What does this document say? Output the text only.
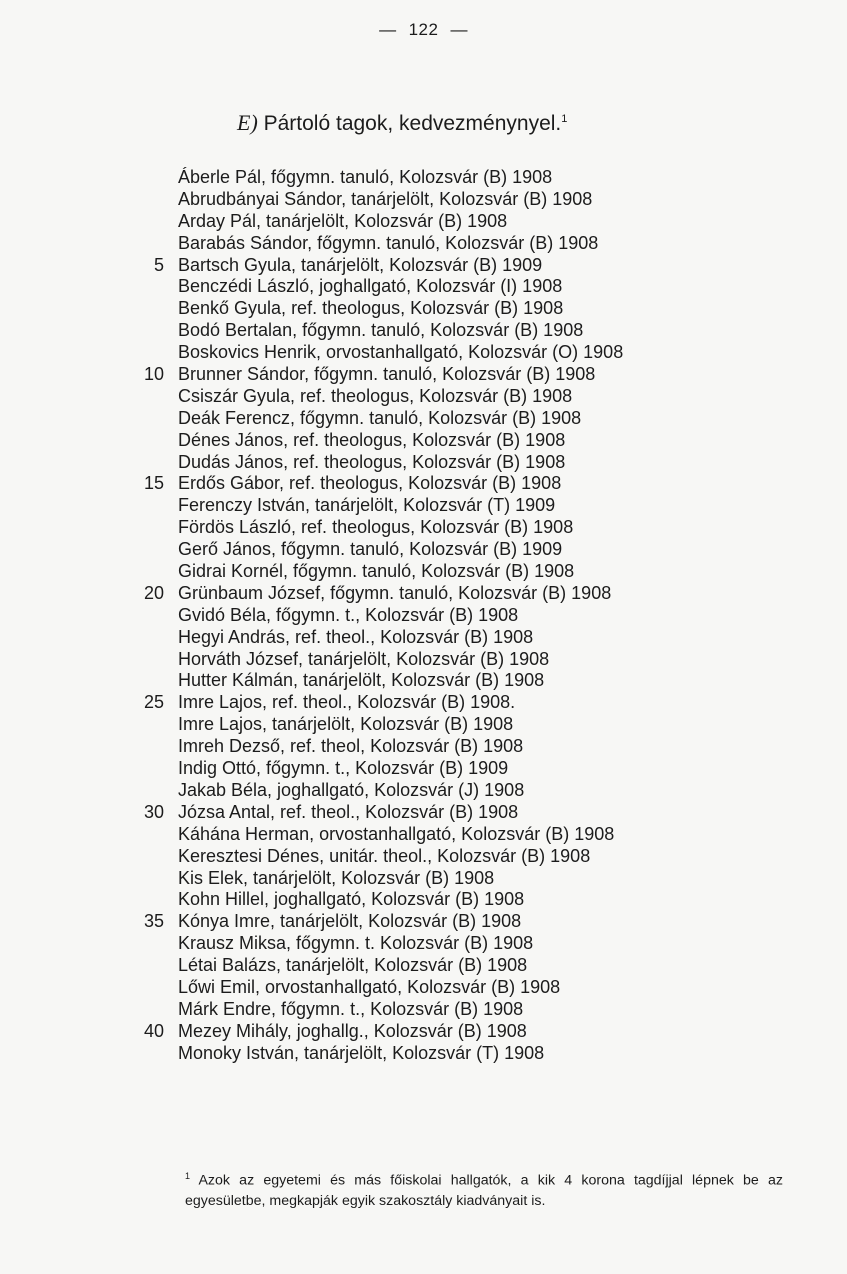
— 122 —
E) Pártoló tagok, kedvezménynyel.$^1$
Áberle Pál, főgymn. tanuló, Kolozsvár (B) 1908
Abrudbányai Sándor, tanárjelölt, Kolozsvár (B) 1908
Arday Pál, tanárjelölt, Kolozsvár (B) 1908
Barabás Sándor, főgymn. tanuló, Kolozsvár (B) 1908
5 Bartsch Gyula, tanárjelölt, Kolozsvár (B) 1909
Benczédi László, joghallgató, Kolozsvár (I) 1908
Benkő Gyula, ref. theologus, Kolozsvár (B) 1908
Bodó Bertalan, főgymn. tanuló, Kolozsvár (B) 1908
Boskovics Henrik, orvostanhallgató, Kolozsvár (O) 1908
10 Brunner Sándor, főgymn. tanuló, Kolozsvár (B) 1908
Csiszár Gyula, ref. theologus, Kolozsvár (B) 1908
Deák Ferencz, főgymn. tanuló, Kolozsvár (B) 1908
Dénes János, ref. theologus, Kolozsvár (B) 1908
Dudás János, ref. theologus, Kolozsvár (B) 1908
15 Erdős Gábor, ref. theologus, Kolozsvár (B) 1908
Ferenczy István, tanárjelölt, Kolozsvár (T) 1909
Fördös László, ref. theologus, Kolozsvár (B) 1908
Gerő János, főgymn. tanuló, Kolozsvár (B) 1909
Gidrai Kornél, főgymn. tanuló, Kolozsvár (B) 1908
20 Grünbaum József, főgymn. tanuló, Kolozsvár (B) 1908
Gvidó Béla, főgymn. t., Kolozsvár (B) 1908
Hegyi András, ref. theol., Kolozsvár (B) 1908
Horváth József, tanárjelölt, Kolozsvár (B) 1908
Hutter Kálmán, tanárjelölt, Kolozsvár (B) 1908
25 Imre Lajos, ref. theol., Kolozsvár (B) 1908.
Imre Lajos, tanárjelölt, Kolozsvár (B) 1908
Imreh Dezső, ref. theol, Kolozsvár (B) 1908
Indig Ottó, főgymn. t., Kolozsvár (B) 1909
Jakab Béla, joghallgató, Kolozsvár (J) 1908
30 Józsa Antal, ref. theol., Kolozsvár (B) 1908
Káhána Herman, orvostanhallgató, Kolozsvár (B) 1908
Keresztesi Dénes, unitár. theol., Kolozsvár (B) 1908
Kis Elek, tanárjelölt, Kolozsvár (B) 1908
Kohn Hillel, joghallgató, Kolozsvár (B) 1908
35 Kónya Imre, tanárjelölt, Kolozsvár (B) 1908
Krausz Miksa, főgymn. t. Kolozsvár (B) 1908
Létai Balázs, tanárjelölt, Kolozsvár (B) 1908
Lőwi Emil, orvostanhallgató, Kolozsvár (B) 1908
Márk Endre, főgymn. t., Kolozsvár (B) 1908
40 Mezey Mihály, joghallg., Kolozsvár (B) 1908
Monoky István, tanárjelölt, Kolozsvár (T) 1908
$^1$ Azok az egyetemi és más főiskolai hallgatók, a kik 4 korona tagdíjjal lépnek be az egyesületbe, megkapják egyik szakosztály kiadványait is.
